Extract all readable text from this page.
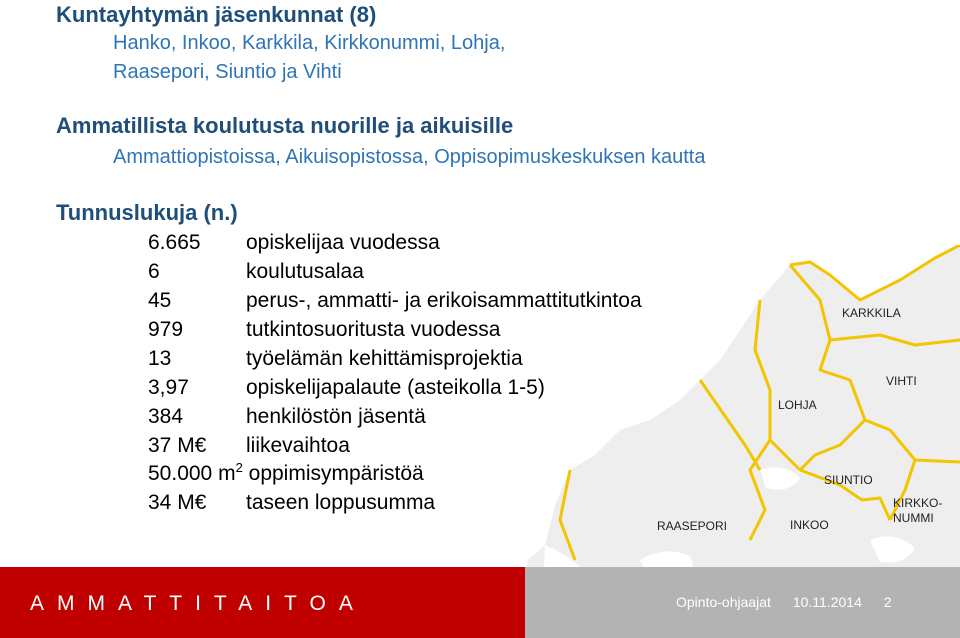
Kuntayhtymän jäsenkunnat (8)

Hanko, Inkoo, Karkkila, Kirkkonummi, Lohja,

Raasepori, Siuntio ja Vihti

Ammatillista koulutusta nuorille ja aikuisille

Ammattiopistoissa, Aikuisopistossa, Oppisopimuskeskuksen kautta

Tunnuslukuja (n.)
6.665 opiskelijaa vuodessa
6	koulutusalaa
45	perus-, ammatti- ja erikoisammattitutkintoa
979	tutkintosuoritusta vuodessa
13	työelämän kehittämisprojektia
3,97	opiskelijapalaute (asteikolla 1-5)
384	henkilöstön jäsentä
37 M€ liikevaihtoa
50.000 $m^2$ oppimisympäristöä
34 M€ taseen loppusumma
KARKKILA
VIHTI
LOHJA
SIUNTIO
KIRKKO-
NUMMI
RAASEPORI	INKOO
AMMATTITAITOA	Opinto-ohjaajat 10.11.2014 2
